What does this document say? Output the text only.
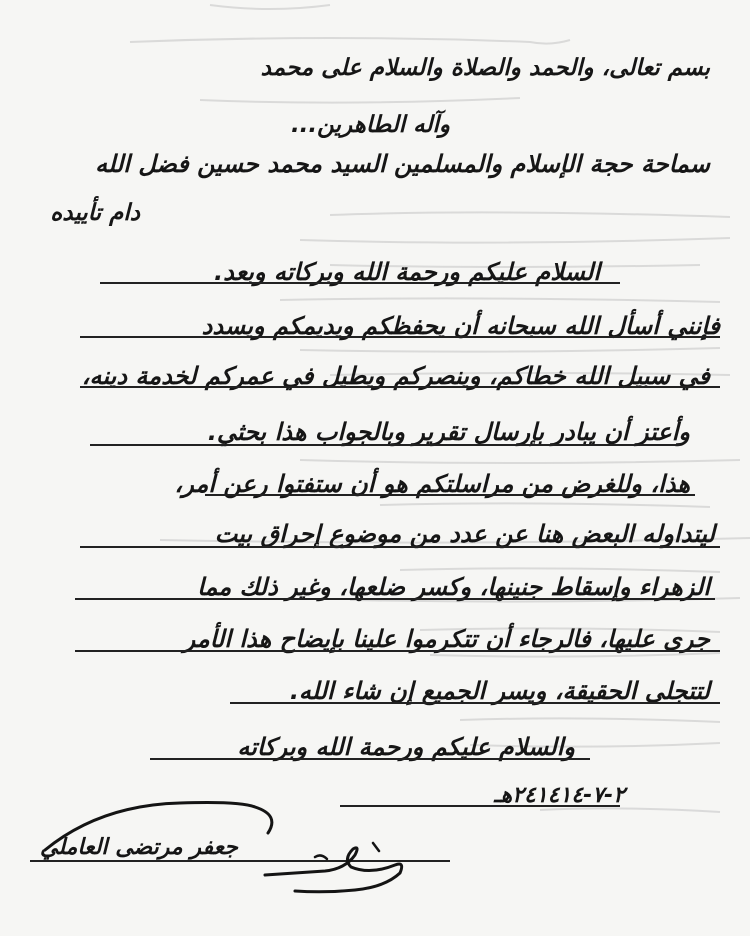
بسم تعالى، والحمد والصلاة والسلام على محمد
وآله الطاهرين...
سماحة حجة الإسلام والمسلمين السيد محمد حسين فضل الله
دام تأييده
السلام عليكم ورحمة الله وبركاته وبعد.
فإنني أسأل الله سبحانه أن يحفظكم ويديمكم ويسدد
في سبيل الله خطاكم، وينصركم ويطيل في عمركم لخدمة دينه،
وأعتز أن يبادر بإرسال تقرير وبالجواب هذا بحثي.
هذا، وللغرض من مراسلتكم هو أن ستفتوا رعن أمر،
ليتداوله البعض هنا عن عدد من موضوع إحراق بيت
الزهراء وإسقاط جنينها، وكسر ضلعها، وغير ذلك مما
جرى عليها، فالرجاء أن تتكرموا علينا بإيضاح هذا الأمر
لتتجلى الحقيقة، ويسر الجميع إن شاء الله.
والسلام عليكم ورحمة الله وبركاته
٢-٧-٢٤١٤١٤هـ
جعفر مرتضى العاملي
